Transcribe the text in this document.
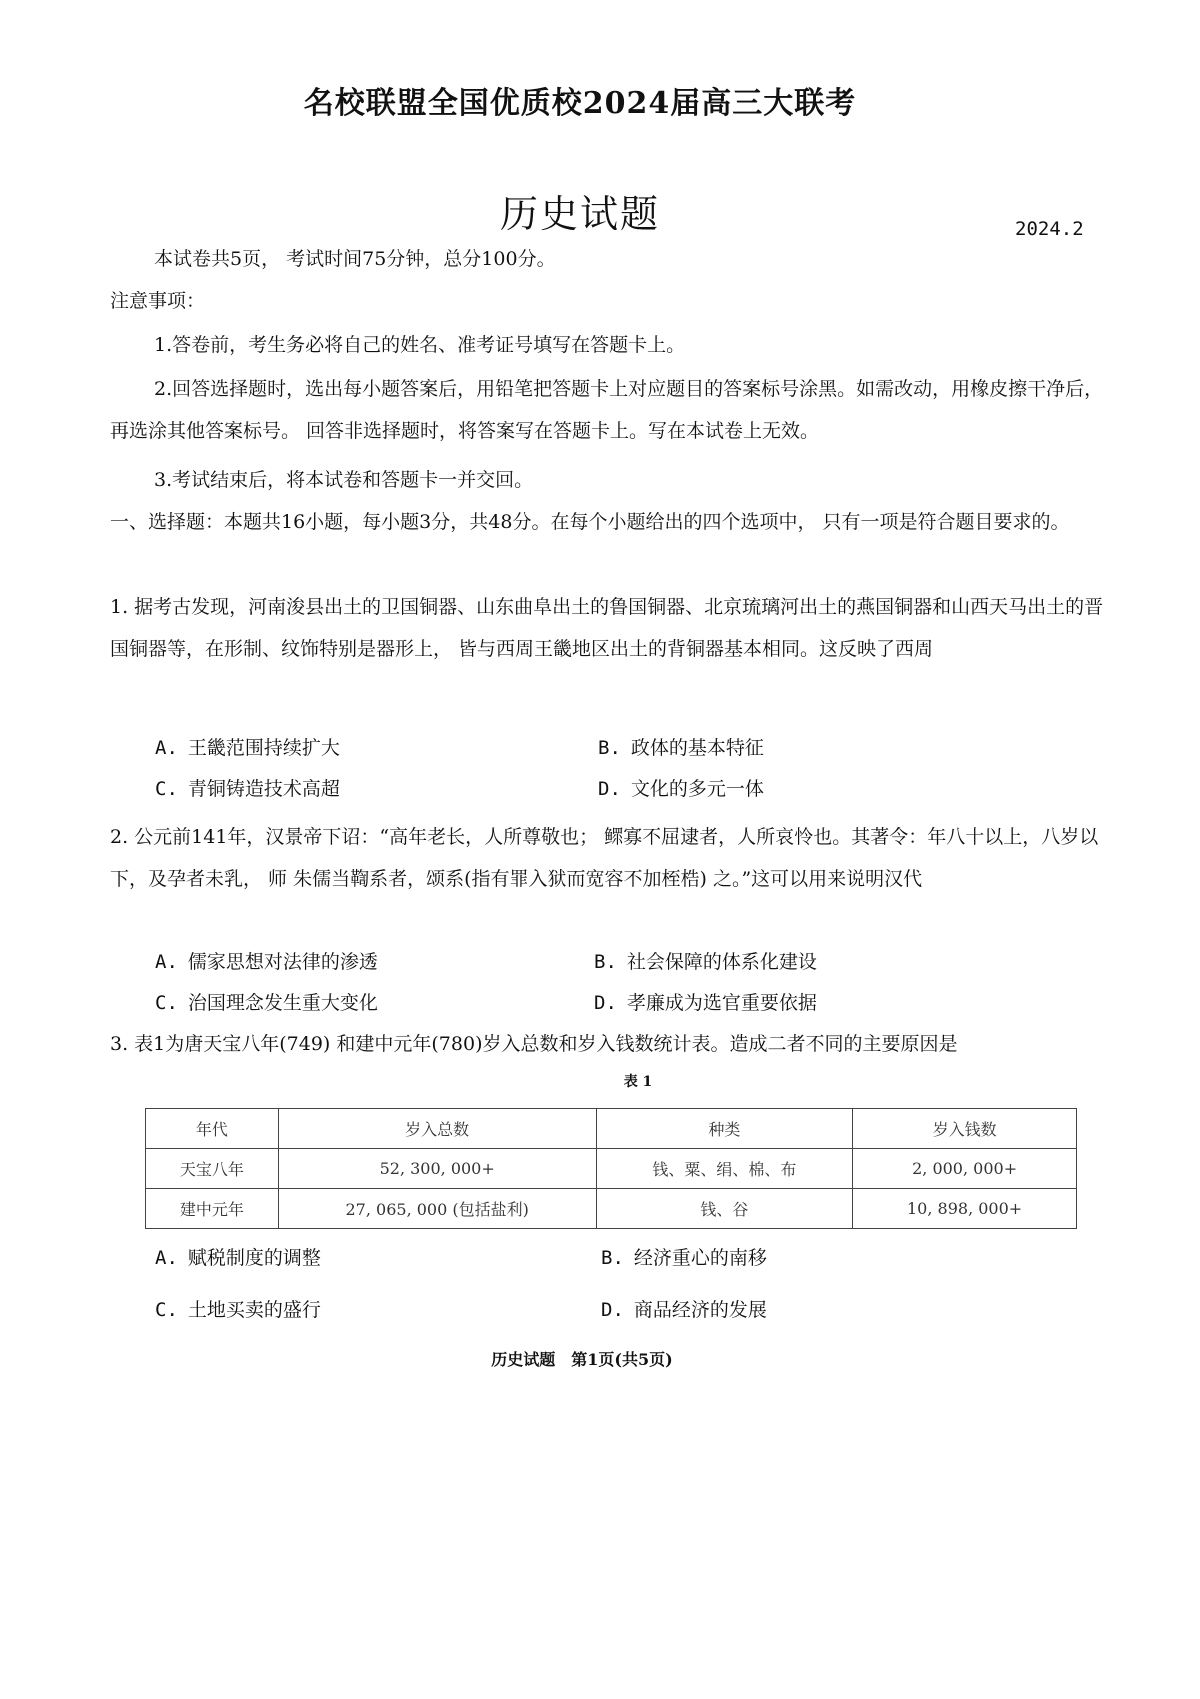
名校联盟全国优质校2024届高三大联考
历史试题	2024.2
本试卷共5页， 考试时间75分钟，总分100分。
注意事项：
1.答卷前，考生务必将自己的姓名、准考证号填写在答题卡上。
2.回答选择题时，选出每小题答案后，用铅笔把答题卡上对应题目的答案标号涂黑。如需改动，用橡皮擦干净后， 再选涂其他答案标号。 回答非选择题时，将答案写在答题卡上。写在本试卷上无效。
3.考试结束后，将本试卷和答题卡一并交回。
一、选择题：本题共16小题，每小题3分，共48分。在每个小题给出的四个选项中， 只有一项是符合题目要求的。
1. 据考古发现，河南浚县出土的卫国铜器、山东曲阜出土的鲁国铜器、北京琉璃河出土的燕国铜器和山西天马出土的晋国铜器等，在形制、纹饰特别是器形上， 皆与西周王畿地区出土的背铜器基本相同。这反映了西周
A. 王畿范围持续扩大	B. 政体的基本特征
C. 青铜铸造技术高超	D. 文化的多元一体
2. 公元前141年，汉景帝下诏：“高年老长，人所尊敬也； 鳏寡不屈逮者，人所哀怜也。其著令：年八十以上，八岁以下，及孕者未乳， 师 朱儒当鞫系者，颂系(指有罪入狱而宽容不加桎梏) 之。”这可以用来说明汉代
A. 儒家思想对法律的渗透	B. 社会保障的体系化建设
C. 治国理念发生重大变化	D. 孝廉成为选官重要依据
3. 表1为唐天宝八年(749) 和建中元年(780)岁入总数和岁入钱数统计表。造成二者不同的主要原因是
表 1
年代	岁入总数	种类	岁入钱数
天宝八年	52, 300, 000+	钱、粟、绢、棉、布	2, 000, 000+
建中元年	27, 065, 000 (包括盐利)	钱、谷	10, 898, 000+
A. 赋税制度的调整	B. 经济重心的南移
C. 土地买卖的盛行	D. 商品经济的发展
历史试题　第1页(共5页)
